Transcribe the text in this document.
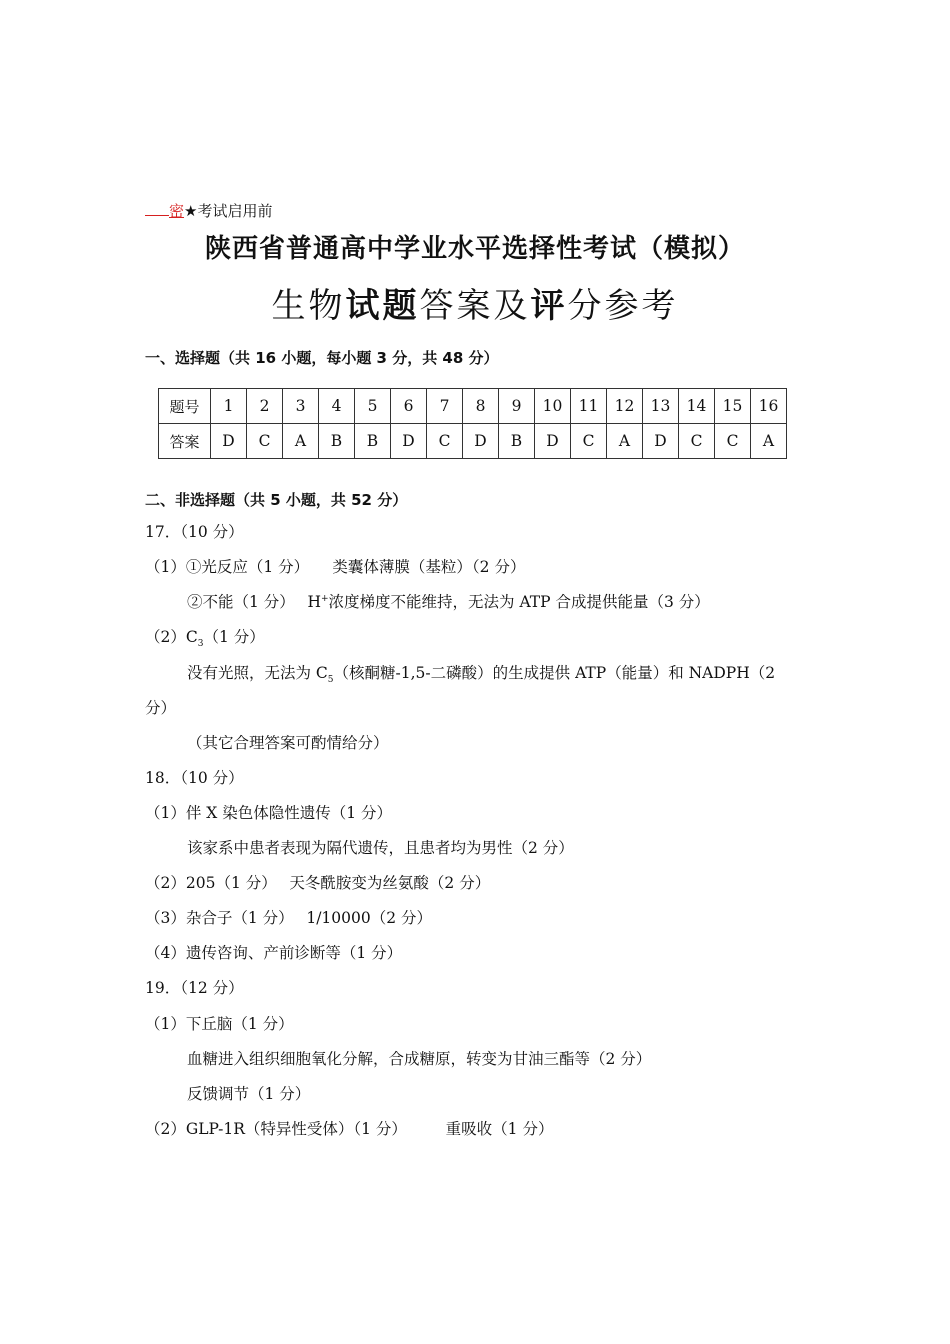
密★考试启用前
陕西省普通高中学业水平选择性考试（模拟）
生物试题答案及评分参考
一、选择题（共 16 小题，每小题 3 分，共 48 分）
题号	1	2	3	4	5	6	7	8	9	10	11	12	13	14	15	16
答案	D	C	A	B	B	D	C	D	B	D	C	A	D	C	C	A
二、非选择题（共 5 小题，共 52 分）
17．（10 分）
（1）①光反应（1 分）　　类囊体薄膜（基粒）（2 分）
②不能（1 分）　 H+浓度梯度不能维持，无法为 ATP 合成提供能量（3 分）
$(2)C_3(1$ 分）
没有光照，无法为 $C_5$（核酮糖-1,5-二磷酸）的生成提供 ATP（能量）和 NADPH（2
分）
（其它合理答案可酌情给分）
18．（10 分）
（1）伴 X 染色体隐性遗传（1 分）
该家系中患者表现为隔代遗传，且患者均为男性（2 分）
（2）205（1 分）　 天冬酰胺变为丝氨酸（2 分）
（3）杂合子（1 分）　 1/10000（2 分）
（4）遗传咨询、产前诊断等（1 分）
19．（12 分）
（1）下丘脑（1 分）
血糖进入组织细胞氧化分解，合成糖原，转变为甘油三酯等（2 分）
反馈调节（1 分）
（2）GLP-1R（特异性受体）（1 分）　　　重吸收（1 分）
